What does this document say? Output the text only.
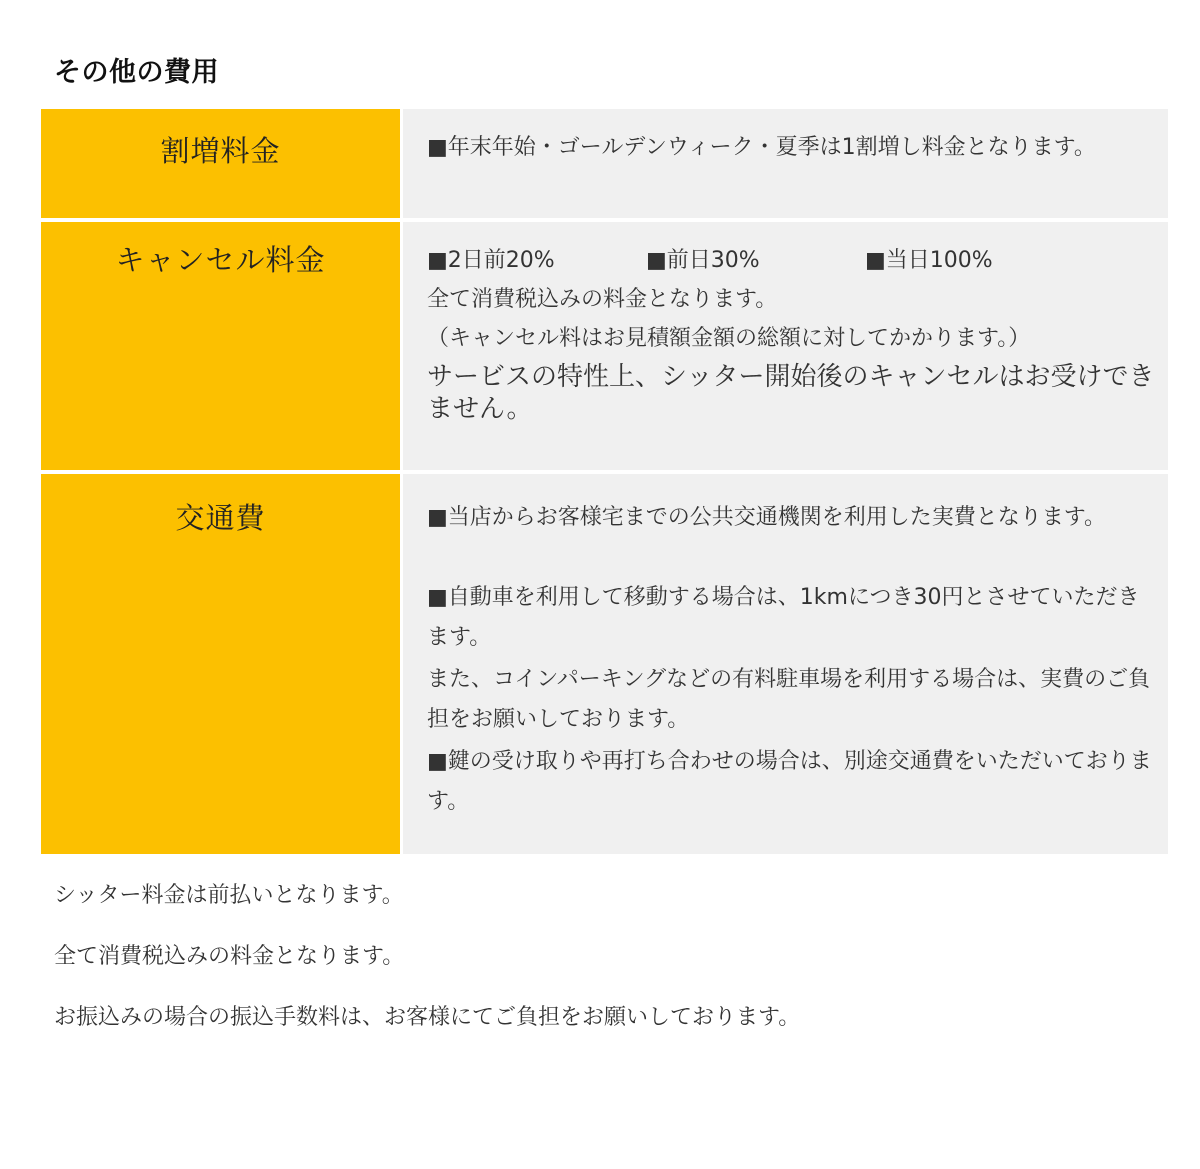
その他の費用
割増料金	■年末年始・ゴールデンウィーク・夏季は1割増し料金となります。
キャンセル料金	■2日前20%	■前日30%	■当日100%
全て消費税込みの料金となります。
（キャンセル料はお見積額金額の総額に対してかかります。）
サービスの特性上、シッター開始後のキャンセルはお受けできません。
交通費	■当店からお客様宅までの公共交通機関を利用した実費となります。
■自動車を利用して移動する場合は、1kmにつき30円とさせていただきます。
また、コインパーキングなどの有料駐車場を利用する場合は、実費のご負担をお願いしております。
■鍵の受け取りや再打ち合わせの場合は、別途交通費をいただいております。

シッター料金は前払いとなります。

全て消費税込みの料金となります。

お振込みの場合の振込手数料は、お客様にてご負担をお願いしております。
